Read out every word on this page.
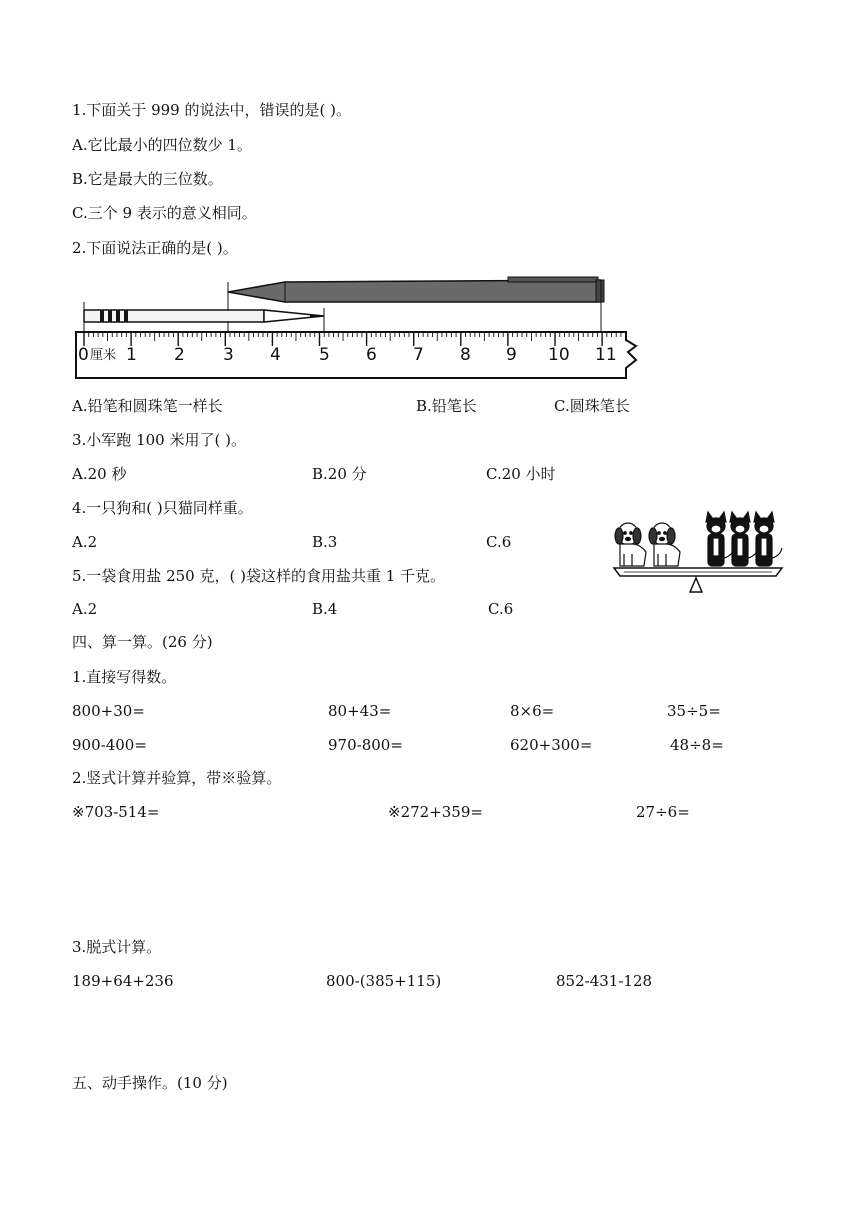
1.下面关于 999 的说法中，错误的是( )。
A.它比最小的四位数少 1。
B.它是最大的三位数。
C.三个 9 表示的意义相同。
2.下面说法正确的是( )。
0 厘米 1 2 3 4 5 6 7 8 9 10 11
A.铅笔和圆珠笔一样长	B.铅笔长	C.圆珠笔长
3.小军跑 100 米用了( )。
A.20 秒	B.20 分	C.20 小时
4.一只狗和( )只猫同样重。
A.2	B.3	C.6
5.一袋食用盐 250 克，( )袋这样的食用盐共重 1 千克。
A.2	B.4	C.6
四、算一算。(26 分)
1.直接写得数。
800+30=	80+43=	8×6=	35÷5=
900-400=	970-800=	620+300=	48÷8=
2.竖式计算并验算，带※验算。
※703-514=	※272+359=	27÷6=
3.脱式计算。
189+64+236	800-(385+115)	852-431-128
五、动手操作。(10 分)
